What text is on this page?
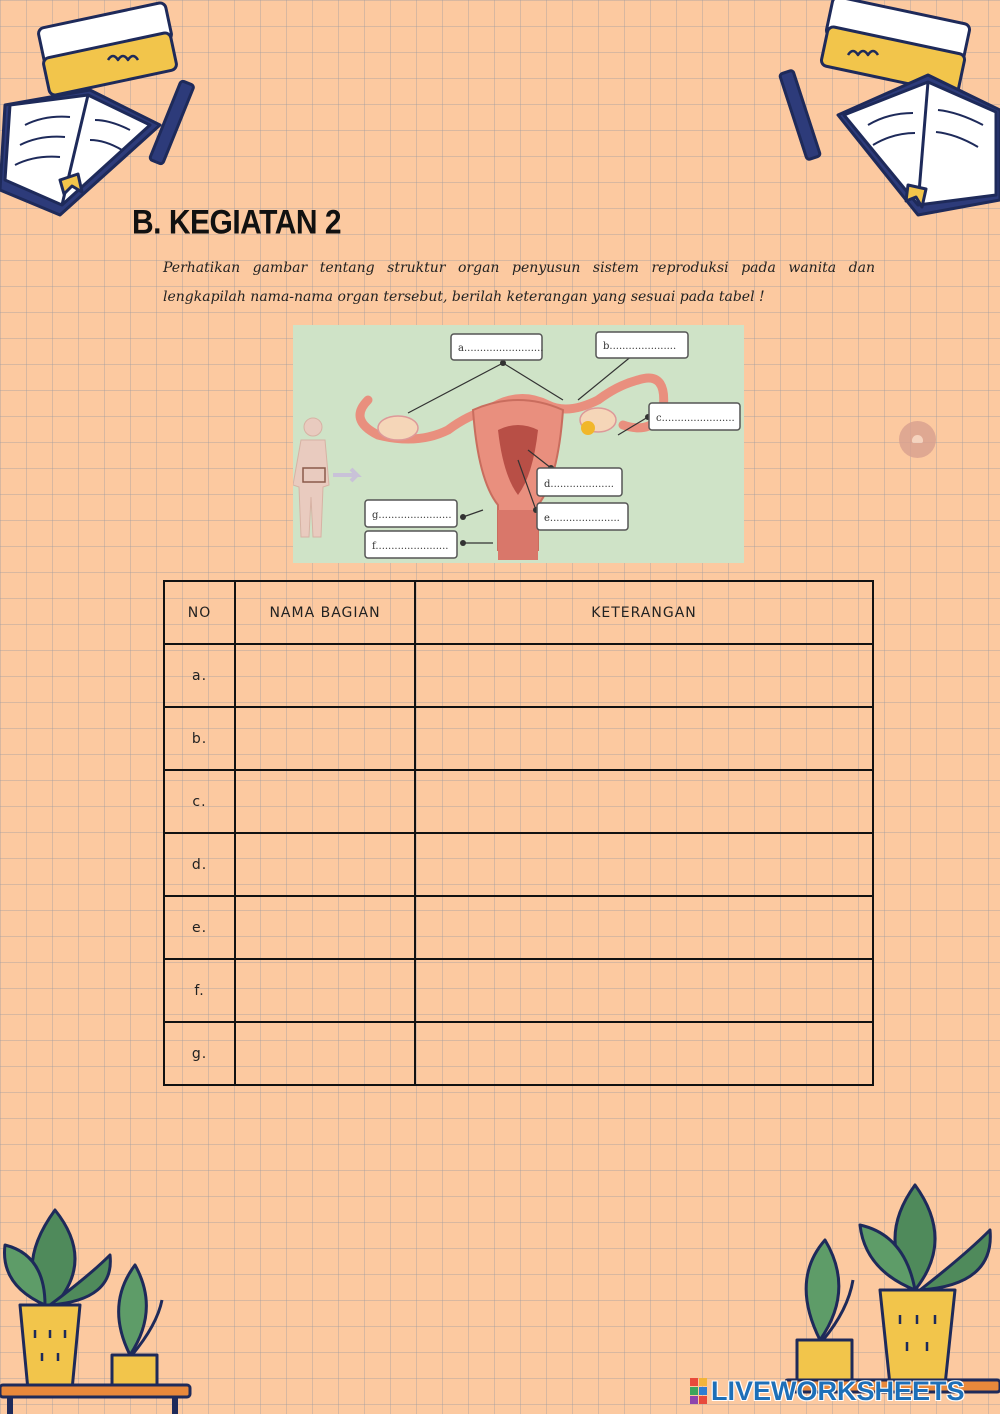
B. KEGIATAN 2

Perhatikan gambar tentang struktur organ penyusun sistem reproduksi pada wanita dan lengkapilah nama-nama organ tersebut, berilah keterangan yang sesuai pada tabel !

a.........................	b.....................
c.......................
d....................
e......................
g.......................
f.......................
NO	NAMA BAGIAN	KETERANGAN
a.		
b.		
c.		
d.		
e.		
f.		
g.		
LIVEWORKSHEETS
